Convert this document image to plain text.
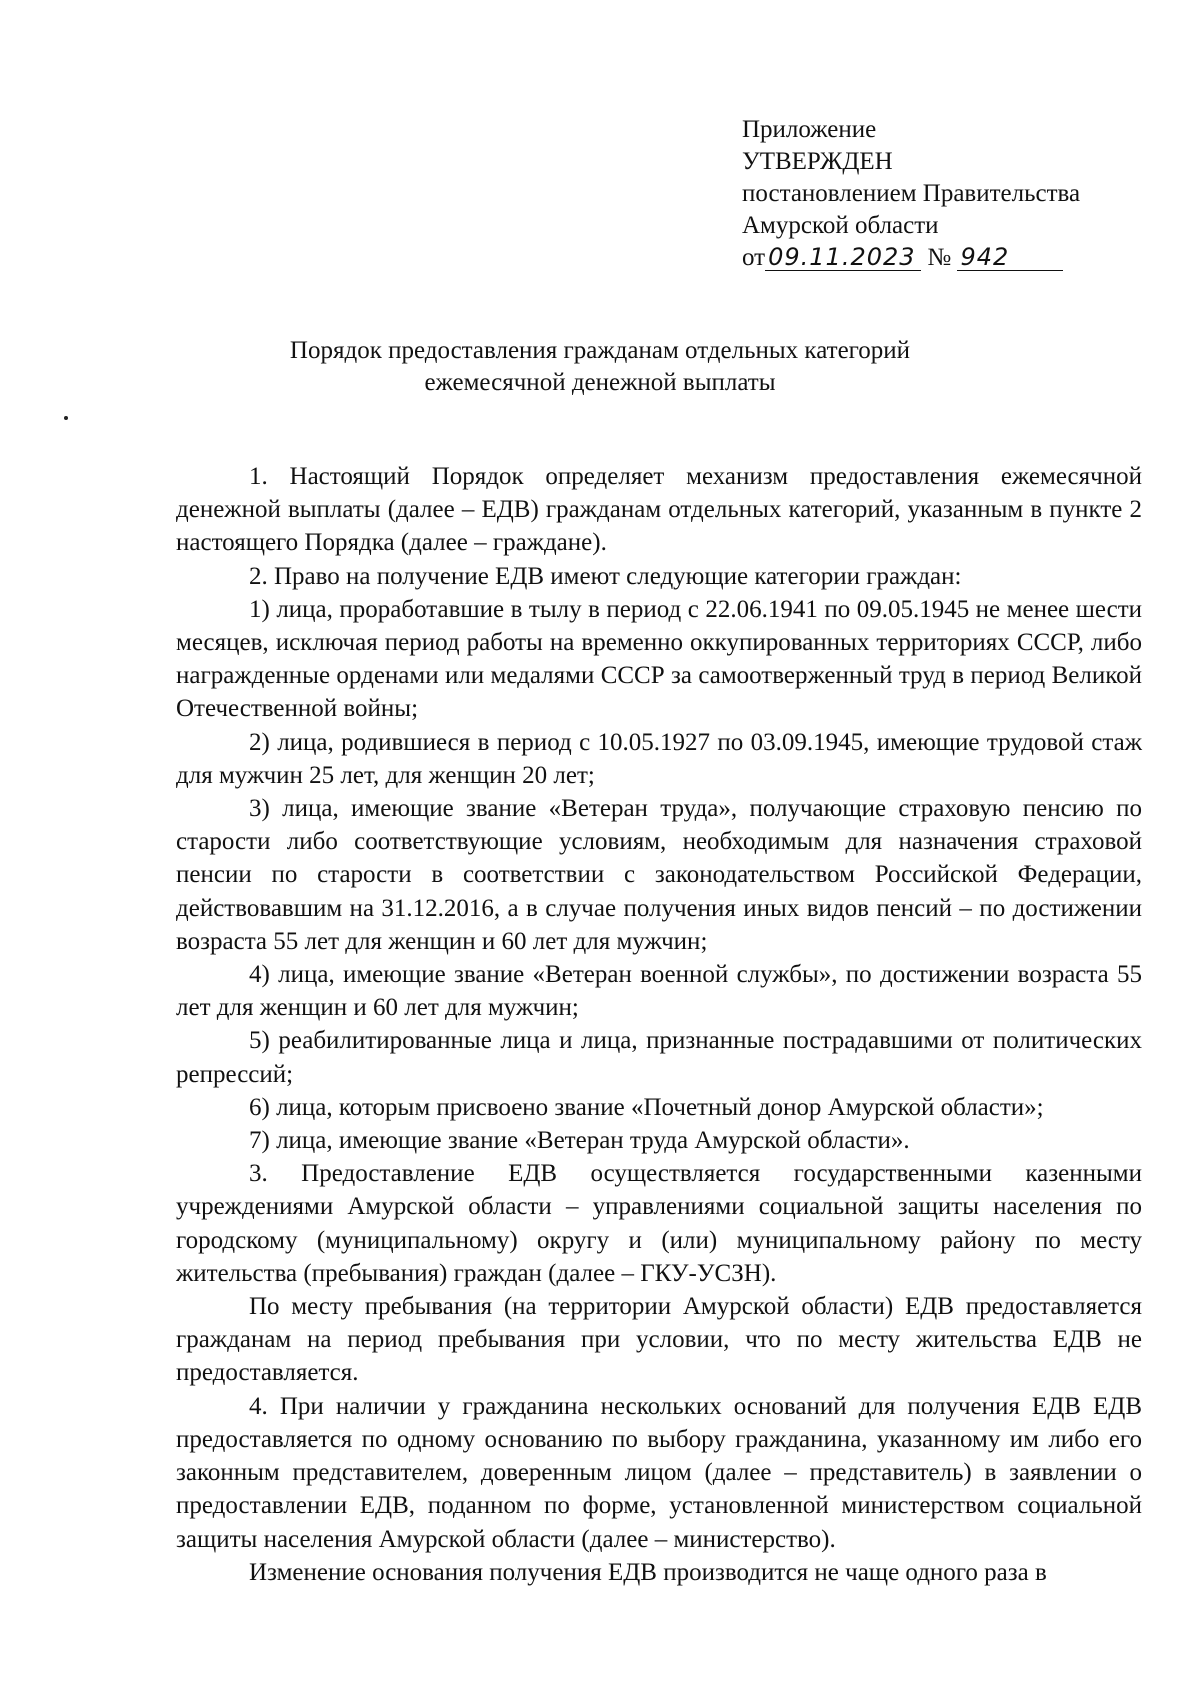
Приложение
УТВЕРЖДЕН
постановлением Правительства
Амурской области
от 09.11.2023 № 942
Порядок предоставления гражданам отдельных категорий
ежемесячной денежной выплаты

1. Настоящий Порядок определяет механизм предоставления ежемесячной денежной выплаты (далее – ЕДВ) гражданам отдельных категорий, указанным в пункте 2 настоящего Порядка (далее – граждане).

2. Право на получение ЕДВ имеют следующие категории граждан:

1) лица, проработавшие в тылу в период с 22.06.1941 по 09.05.1945 не менее шести месяцев, исключая период работы на временно оккупированных территориях СССР, либо награжденные орденами или медалями СССР за самоотверженный труд в период Великой Отечественной войны;

2) лица, родившиеся в период с 10.05.1927 по 03.09.1945, имеющие трудовой стаж для мужчин 25 лет, для женщин 20 лет;

3) лица, имеющие звание «Ветеран труда», получающие страховую пенсию по старости либо соответствующие условиям, необходимым для назначения страховой пенсии по старости в соответствии с законодательством Российской Федерации, действовавшим на 31.12.2016, а в случае получения иных видов пенсий – по достижении возраста 55 лет для женщин и 60 лет для мужчин;

4) лица, имеющие звание «Ветеран военной службы», по достижении возраста 55 лет для женщин и 60 лет для мужчин;

5) реабилитированные лица и лица, признанные пострадавшими от политических репрессий;

6) лица, которым присвоено звание «Почетный донор Амурской области»;

7) лица, имеющие звание «Ветеран труда Амурской области».

3. Предоставление ЕДВ осуществляется государственными казенными учреждениями Амурской области – управлениями социальной защиты населения по городскому (муниципальному) округу и (или) муниципальному району по месту жительства (пребывания) граждан (далее – ГКУ-УСЗН).

По месту пребывания (на территории Амурской области) ЕДВ предоставляется гражданам на период пребывания при условии, что по месту жительства ЕДВ не предоставляется.

4. При наличии у гражданина нескольких оснований для получения ЕДВ ЕДВ предоставляется по одному основанию по выбору гражданина, указанному им либо его законным представителем, доверенным лицом (далее – представитель) в заявлении о предоставлении ЕДВ, поданном по форме, установленной министерством социальной защиты населения Амурской области (далее – министерство).

Изменение основания получения ЕДВ производится не чаще одного раза в
